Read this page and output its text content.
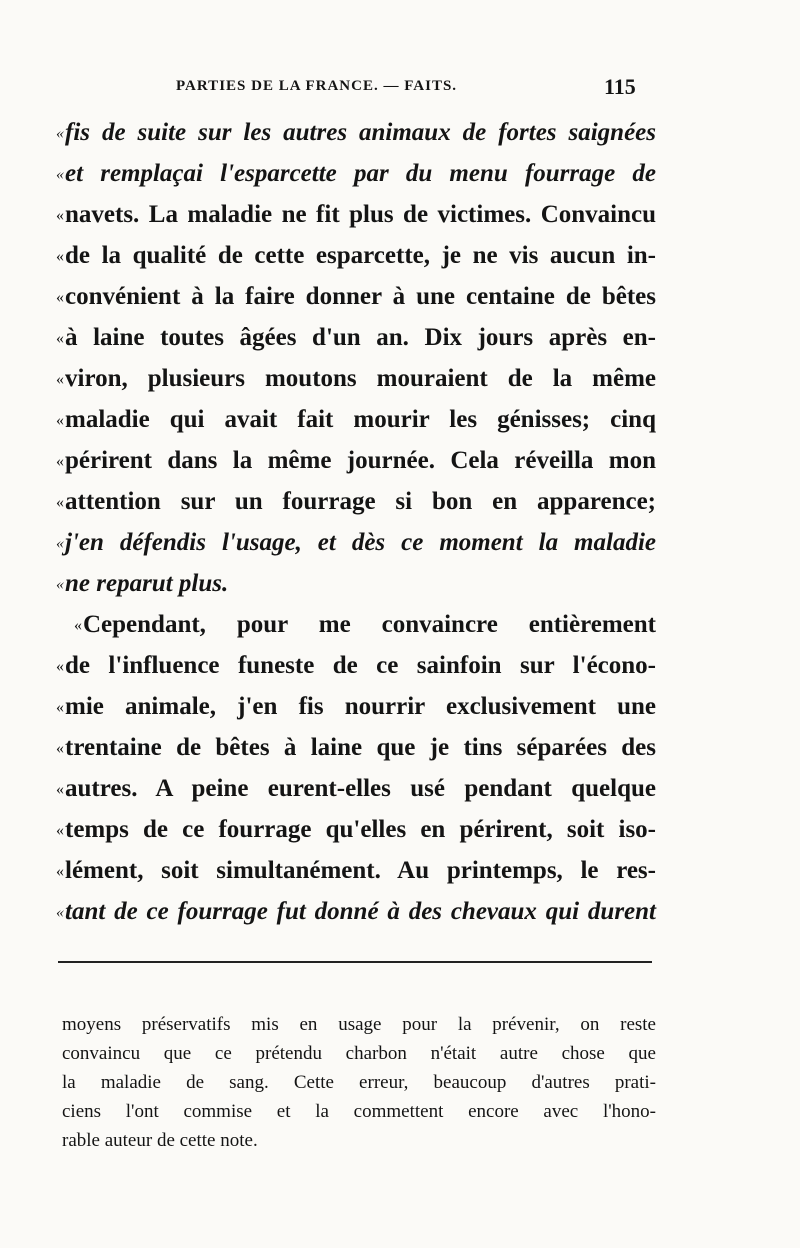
PARTIES DE LA FRANCE. — FAITS.	115
«fis de suite sur les autres animaux de fortes saignées
«et remplaçai l'esparcette par du menu fourrage de
«navets. La maladie ne fit plus de victimes. Convaincu
«de la qualité de cette esparcette, je ne vis aucun in-
«convénient à la faire donner à une centaine de bêtes
«à laine toutes âgées d'un an. Dix jours après en-
«viron, plusieurs moutons mouraient de la même
«maladie qui avait fait mourir les génisses; cinq
«périrent dans la même journée. Cela réveilla mon
«attention sur un fourrage si bon en apparence;
«j'en défendis l'usage, et dès ce moment la maladie
«ne reparut plus.
«Cependant, pour me convaincre entièrement
«de l'influence funeste de ce sainfoin sur l'écono-
«mie animale, j'en fis nourrir exclusivement une
«trentaine de bêtes à laine que je tins séparées des
«autres. A peine eurent-elles usé pendant quelque
«temps de ce fourrage qu'elles en périrent, soit iso-
«lément, soit simultanément. Au printemps, le res-
«tant de ce fourrage fut donné à des chevaux qui durent
moyens préservatifs mis en usage pour la prévenir, on reste
convaincu que ce prétendu charbon n'était autre chose que
la maladie de sang. Cette erreur, beaucoup d'autres prati-
ciens l'ont commise et la commettent encore avec l'hono-
rable auteur de cette note.
